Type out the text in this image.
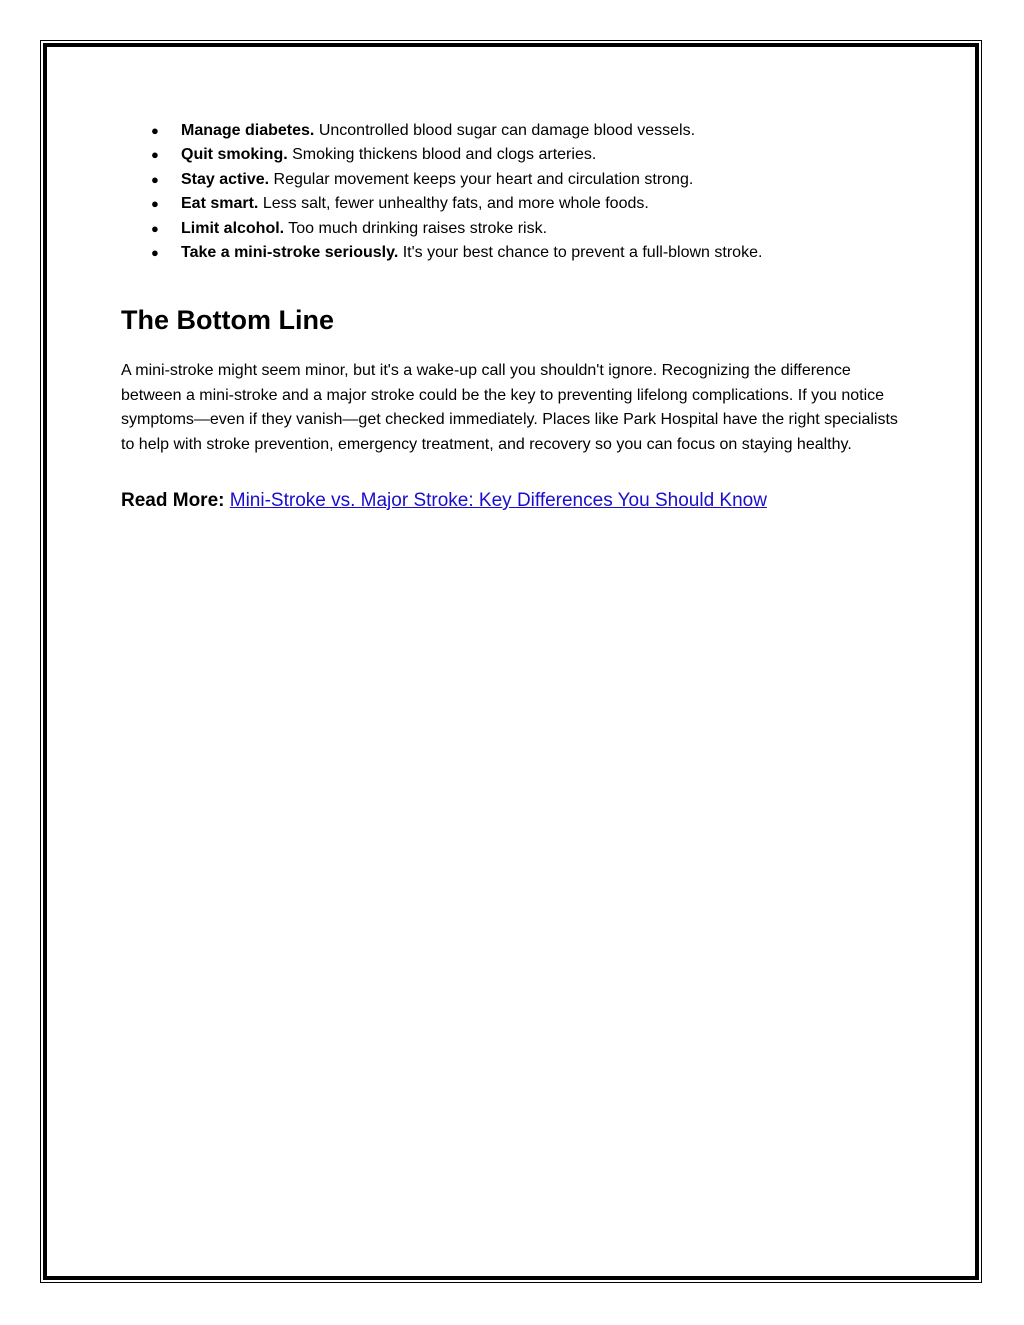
● Manage diabetes. Uncontrolled blood sugar can damage blood vessels.
● Quit smoking. Smoking thickens blood and clogs arteries.
● Stay active. Regular movement keeps your heart and circulation strong.
● Eat smart. Less salt, fewer unhealthy fats, and more whole foods.
● Limit alcohol. Too much drinking raises stroke risk.
● Take a mini-stroke seriously. It's your best chance to prevent a full-blown stroke.
The Bottom Line

A mini-stroke might seem minor, but it's a wake-up call you shouldn't ignore. Recognizing the difference between a mini-stroke and a major stroke could be the key to preventing lifelong complications. If you notice symptoms—even if they vanish—get checked immediately. Places like Park Hospital have the right specialists to help with stroke prevention, emergency treatment, and recovery so you can focus on staying healthy.

Read More: Mini-Stroke vs. Major Stroke: Key Differences You Should Know
